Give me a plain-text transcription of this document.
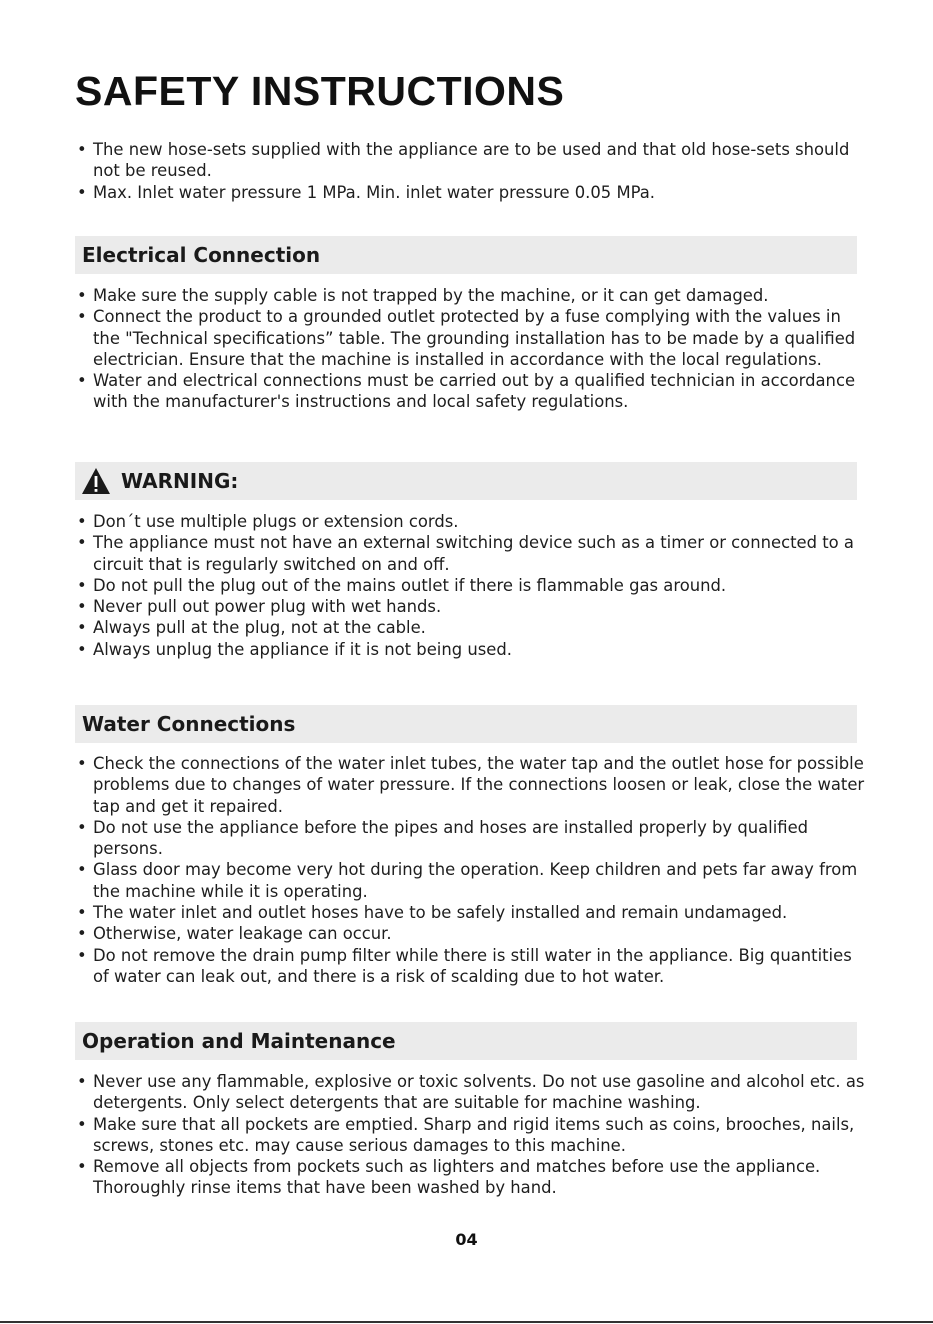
SAFETY INSTRUCTIONS
• The new hose-sets supplied with the appliance are to be used and that old hose-sets should not be reused.
• Max. Inlet water pressure 1 MPa. Min. inlet water pressure 0.05 MPa.
Electrical Connection
• Make sure the supply cable is not trapped by the machine, or it can get damaged.
• Connect the product to a grounded outlet protected by a fuse complying with the values in the "Technical specifications” table. The grounding installation has to be made by a qualified electrician. Ensure that the machine is installed in accordance with the local regulations.
• Water and electrical connections must be carried out by a qualified technician in accordance with the manufacturer's instructions and local safety regulations.
WARNING:
• Don´t use multiple plugs or extension cords.
• The appliance must not have an external switching device such as a timer or connected to a circuit that is regularly switched on and off.
• Do not pull the plug out of the mains outlet if there is flammable gas around.
• Never pull out power plug with wet hands.
• Always pull at the plug, not at the cable.
• Always unplug the appliance if it is not being used.
Water Connections
• Check the connections of the water inlet tubes, the water tap and the outlet hose for possible problems due to changes of water pressure. If the connections loosen or leak, close the water tap and get it repaired.
• Do not use the appliance before the pipes and hoses are installed properly by qualified persons.
• Glass door may become very hot during the operation. Keep children and pets far away from the machine while it is operating.
• The water inlet and outlet hoses have to be safely installed and remain undamaged.
• Otherwise, water leakage can occur.
• Do not remove the drain pump filter while there is still water in the appliance. Big quantities of water can leak out, and there is a risk of scalding due to hot water.
Operation and Maintenance
• Never use any flammable, explosive or toxic solvents. Do not use gasoline and alcohol etc. as detergents. Only select detergents that are suitable for machine washing.
• Make sure that all pockets are emptied. Sharp and rigid items such as coins, brooches, nails, screws, stones etc. may cause serious damages to this machine.
• Remove all objects from pockets such as lighters and matches before use the appliance. Thoroughly rinse items that have been washed by hand.
04
